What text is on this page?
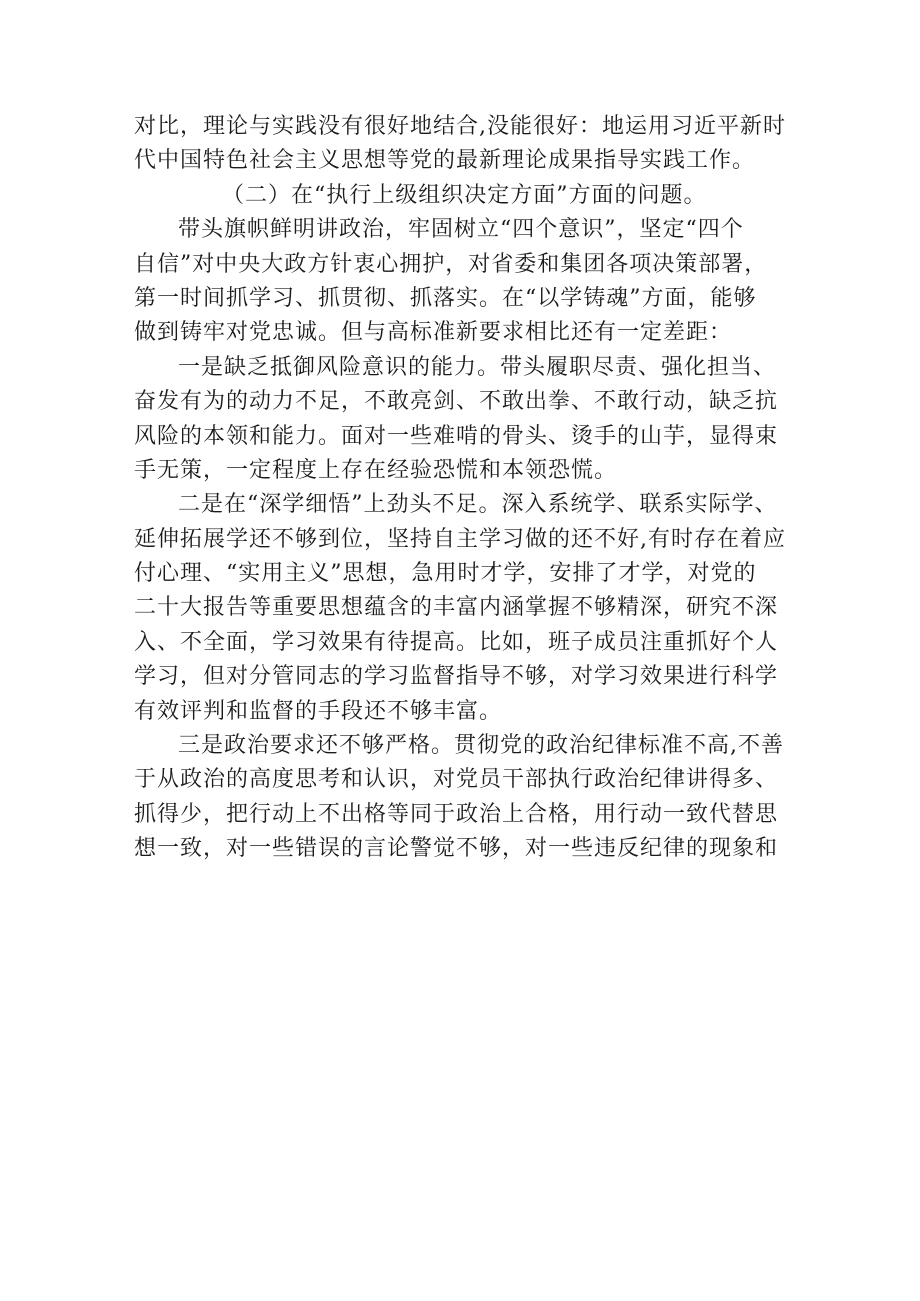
对比，理论与实践没有很好地结合,没能很好：地运用习近平新时
代中国特色社会主义思想等党的最新理论成果指导实践工作。
（二）在“执行上级组织决定方面”方面的问题。
带头旗帜鲜明讲政治，牢固树立“四个意识”，坚定“四个
自信”对中央大政方针衷心拥护，对省委和集团各项决策部署，
第一时间抓学习、抓贯彻、抓落实。在“以学铸魂”方面，能够
做到铸牢对党忠诚。但与高标准新要求相比还有一定差距：
一是缺乏抵御风险意识的能力。带头履职尽责、强化担当、
奋发有为的动力不足，不敢亮剑、不敢出拳、不敢行动，缺乏抗
风险的本领和能力。面对一些难啃的骨头、烫手的山芋，显得束
手无策，一定程度上存在经验恐慌和本领恐慌。
二是在“深学细悟”上劲头不足。深入系统学、联系实际学、
延伸拓展学还不够到位，坚持自主学习做的还不好,有时存在着应
付心理、“实用主义”思想，急用时才学，安排了才学，对党的
二十大报告等重要思想蕴含的丰富内涵掌握不够精深，研究不深
入、不全面，学习效果有待提高。比如，班子成员注重抓好个人
学习，但对分管同志的学习监督指导不够，对学习效果进行科学
有效评判和监督的手段还不够丰富。
三是政治要求还不够严格。贯彻党的政治纪律标准不高,不善
于从政治的高度思考和认识，对党员干部执行政治纪律讲得多、
抓得少，把行动上不出格等同于政治上合格，用行动一致代替思
想一致，对一些错误的言论警觉不够，对一些违反纪律的现象和
